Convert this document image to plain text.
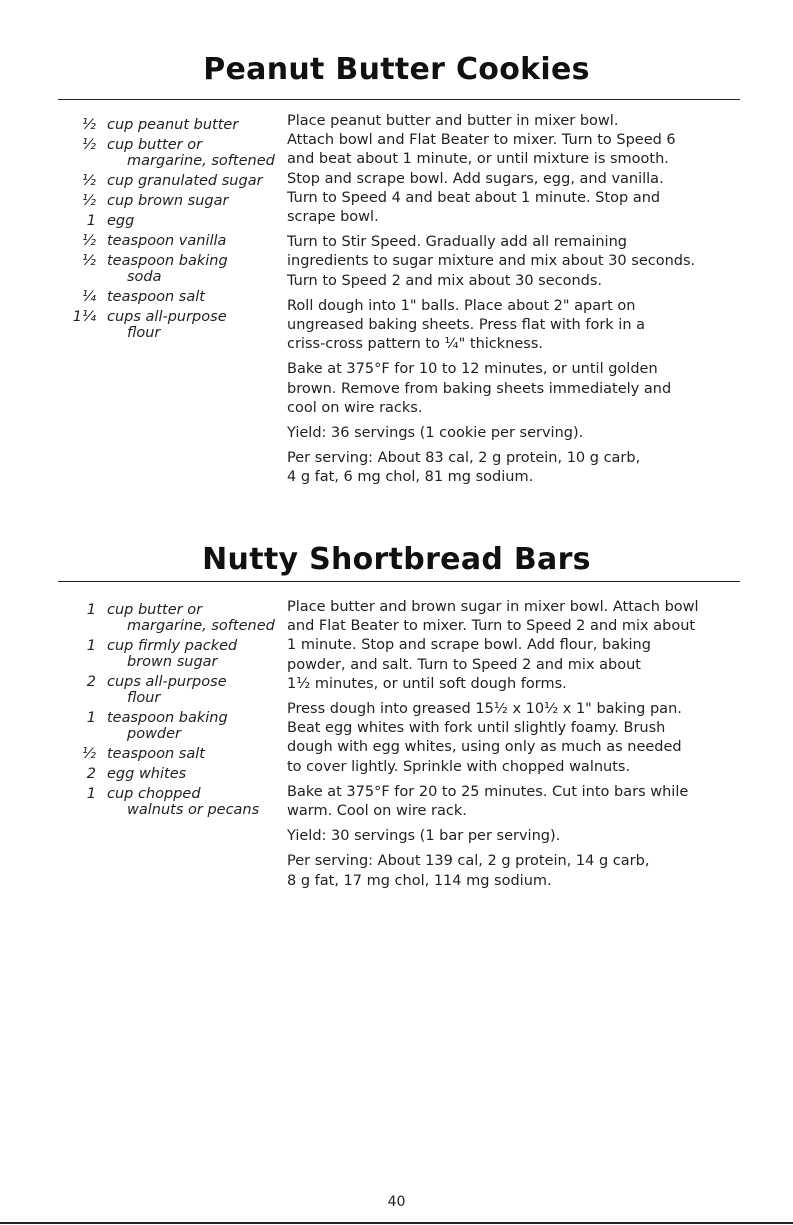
Peanut Butter Cookies
¹⁄₂ cup peanut butter
¹⁄₂ cup butter or
margarine, softened
¹⁄₂ cup granulated sugar
¹⁄₂ cup brown sugar
1 egg
¹⁄₂ teaspoon vanilla
¹⁄₂ teaspoon baking
soda
¹⁄₄ teaspoon salt
1¹⁄₄ cups all-purpose
flour

Place peanut butter and butter in mixer bowl.
Attach bowl and Flat Beater to mixer. Turn to Speed 6
and beat about 1 minute, or until mixture is smooth.
Stop and scrape bowl. Add sugars, egg, and vanilla.
Turn to Speed 4 and beat about 1 minute. Stop and
scrape bowl.

Turn to Stir Speed. Gradually add all remaining
ingredients to sugar mixture and mix about 30 seconds.
Turn to Speed 2 and mix about 30 seconds.

Roll dough into 1" balls. Place about 2" apart on
ungreased baking sheets. Press flat with fork in a
criss-cross pattern to ¹⁄₄" thickness.

Bake at 375°F for 10 to 12 minutes, or until golden
brown. Remove from baking sheets immediately and
cool on wire racks.

Yield: 36 servings (1 cookie per serving).

Per serving: About 83 cal, 2 g protein, 10 g carb,
4 g fat, 6 mg chol, 81 mg sodium.

Nutty Shortbread Bars
1 cup butter or
margarine, softened
1 cup firmly packed
brown sugar
2 cups all-purpose
flour
1 teaspoon baking
powder
¹⁄₂ teaspoon salt
2 egg whites
1 cup chopped
walnuts or pecans

Place butter and brown sugar in mixer bowl. Attach bowl
and Flat Beater to mixer. Turn to Speed 2 and mix about
1 minute. Stop and scrape bowl. Add flour, baking
powder, and salt. Turn to Speed 2 and mix about
1¹⁄₂ minutes, or until soft dough forms.

Press dough into greased 15¹⁄₂ x 10¹⁄₂ x 1" baking pan.
Beat egg whites with fork until slightly foamy. Brush
dough with egg whites, using only as much as needed
to cover lightly. Sprinkle with chopped walnuts.

Bake at 375°F for 20 to 25 minutes. Cut into bars while
warm. Cool on wire rack.

Yield: 30 servings (1 bar per serving).

Per serving: About 139 cal, 2 g protein, 14 g carb,
8 g fat, 17 mg chol, 114 mg sodium.

40
